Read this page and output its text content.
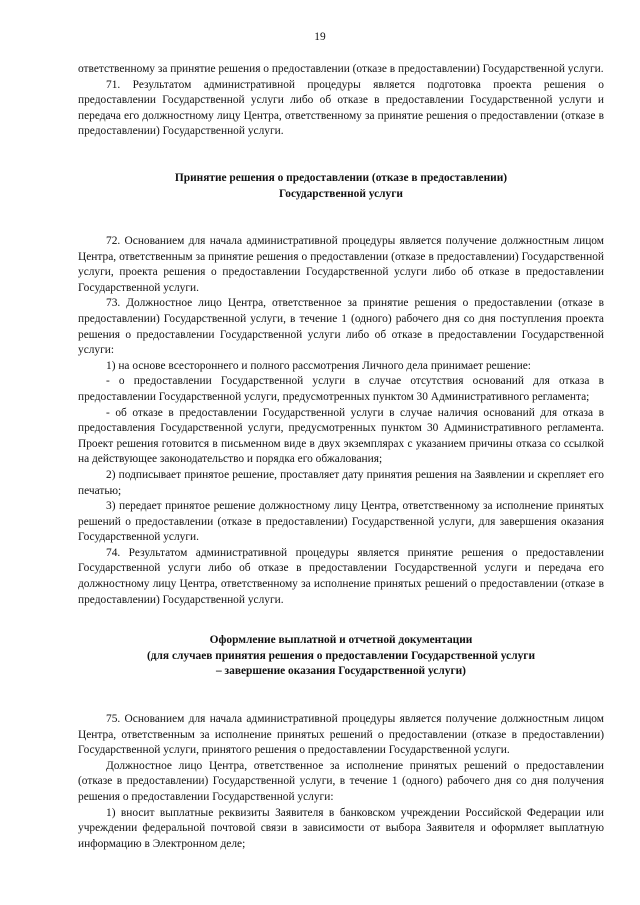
19

ответственному за принятие решения о предоставлении (отказе в предоставлении) Государственной услуги.

71. Результатом административной процедуры является подготовка проекта решения о предоставлении Государственной услуги либо об отказе в предоставлении Государственной услуги и передача его должностному лицу Центра, ответственному за принятие решения о предоставлении (отказе в предоставлении) Государственной услуги.

Принятие решения о предоставлении (отказе в предоставлении)

Государственной услуги

72. Основанием для начала административной процедуры является получение должностным лицом Центра, ответственным за принятие решения о предоставлении (отказе в предоставлении) Государственной услуги, проекта решения о предоставлении Государственной услуги либо об отказе в предоставлении Государственной услуги.

73. Должностное лицо Центра, ответственное за принятие решения о предоставлении (отказе в предоставлении) Государственной услуги, в течение 1 (одного) рабочего дня со дня поступления проекта решения о предоставлении Государственной услуги либо об отказе в предоставлении Государственной услуги:

1) на основе всестороннего и полного рассмотрения Личного дела принимает решение:

- о предоставлении Государственной услуги в случае отсутствия оснований для отказа в предоставлении Государственной услуги, предусмотренных пунктом 30 Административного регламента;

- об отказе в предоставлении Государственной услуги в случае наличия оснований для отказа в предоставления Государственной услуги, предусмотренных пунктом 30 Административного регламента. Проект решения готовится в письменном виде в двух экземплярах с указанием причины отказа со ссылкой на действующее законодательство и порядка его обжалования;

2) подписывает принятое решение, проставляет дату принятия решения на Заявлении и скрепляет его печатью;

3) передает принятое решение должностному лицу Центра, ответственному за исполнение принятых решений о предоставлении (отказе в предоставлении) Государственной услуги, для завершения оказания Государственной услуги.

74. Результатом административной процедуры является принятие решения о предоставлении Государственной услуги либо об отказе в предоставлении Государственной услуги и передача его должностному лицу Центра, ответственному за исполнение принятых решений о предоставлении (отказе в предоставлении) Государственной услуги.

Оформление выплатной и отчетной документации

(для случаев принятия решения о предоставлении Государственной услуги

– завершение оказания Государственной услуги)

75. Основанием для начала административной процедуры является получение должностным лицом Центра, ответственным за исполнение принятых решений о предоставлении (отказе в предоставлении) Государственной услуги, принятого решения о предоставлении Государственной услуги.

Должностное лицо Центра, ответственное за исполнение принятых решений о предоставлении (отказе в предоставлении) Государственной услуги, в течение 1 (одного) рабочего дня со дня получения решения о предоставлении Государственной услуги:

1) вносит выплатные реквизиты Заявителя в банковском учреждении Российской Федерации или учреждении федеральной почтовой связи в зависимости от выбора Заявителя и оформляет выплатную информацию в Электронном деле;
